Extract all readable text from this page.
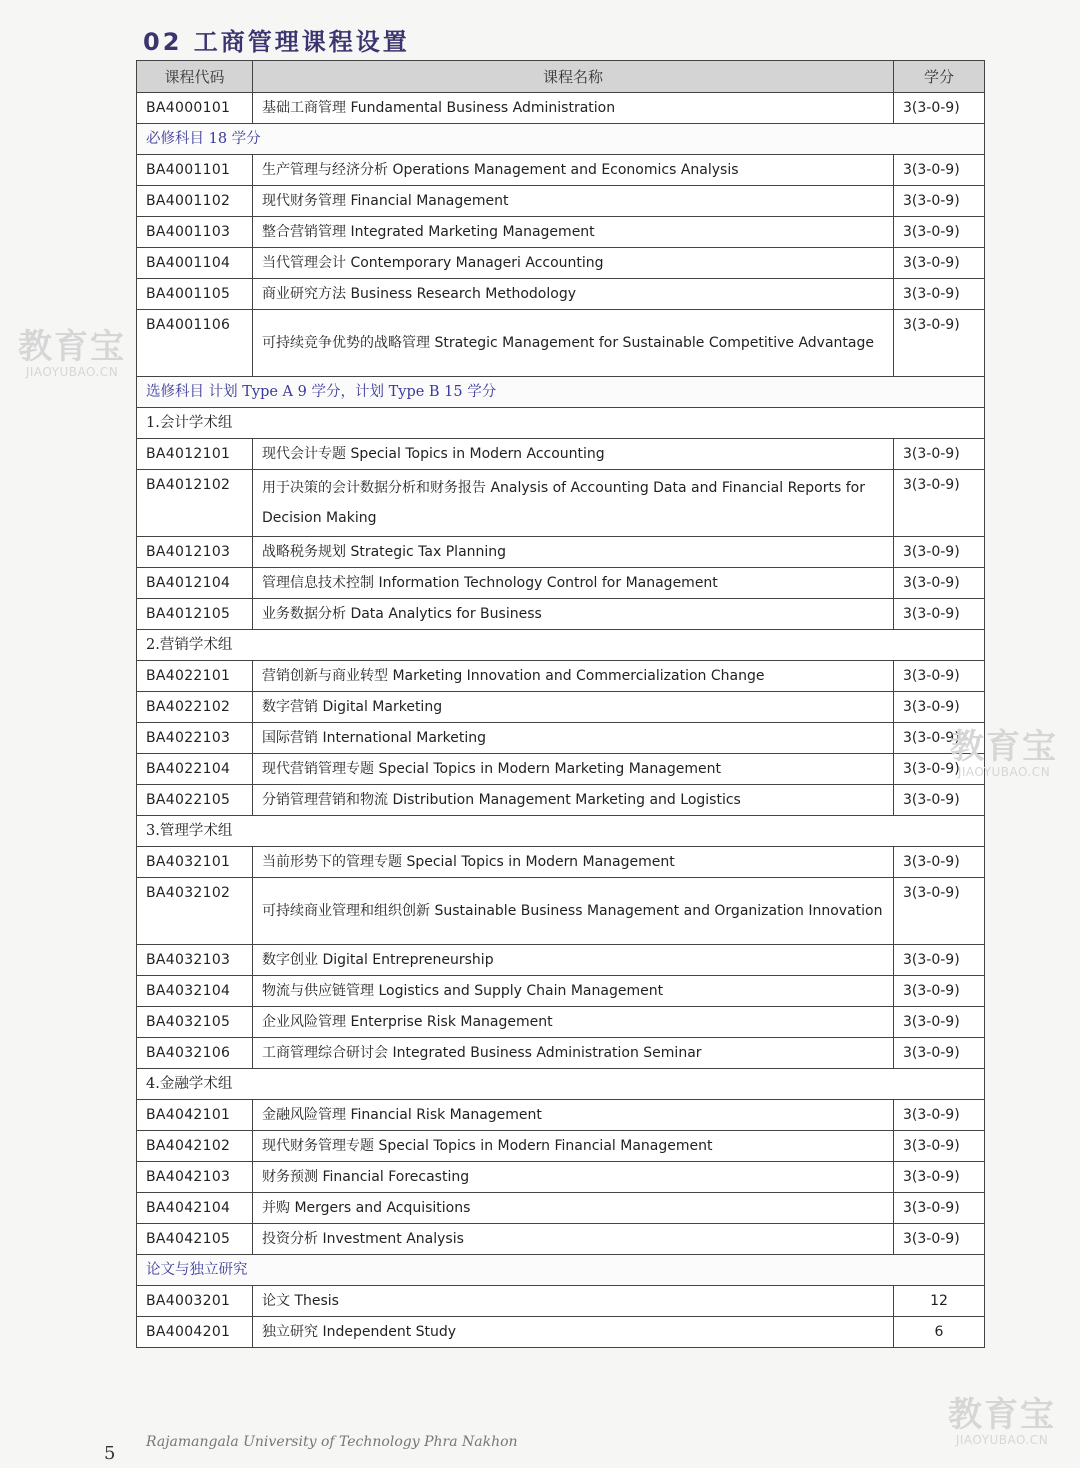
02 工商管理课程设置
课程代码	课程名称	学分
BA4000101	基础工商管理 Fundamental Business Administration	3(3-0-9)
必修科目 18 学分		
BA4001101	生产管理与经济分析 Operations Management and Economics Analysis	3(3-0-9)
BA4001102	现代财务管理 Financial Management	3(3-0-9)
BA4001103	整合营销管理 Integrated Marketing Management	3(3-0-9)
BA4001104	当代管理会计 Contemporary Manageri Accounting	3(3-0-9)
BA4001105	商业研究方法 Business Research Methodology	3(3-0-9)
BA4001106	可持续竞争优势的战略管理 Strategic Management for Sustainable Competitive Advantage	3(3-0-9)
选修科目 计划 Type A 9 学分，计划 Type B 15 学分		
1.会计学术组		
BA4012101	现代会计专题 Special Topics in Modern Accounting	3(3-0-9)
BA4012102	用于决策的会计数据分析和财务报告 Analysis of Accounting Data and Financial Reports for Decision Making	3(3-0-9)
BA4012103	战略税务规划 Strategic Tax Planning	3(3-0-9)
BA4012104	管理信息技术控制 Information Technology Control for Management	3(3-0-9)
BA4012105	业务数据分析 Data Analytics for Business	3(3-0-9)
2.营销学术组		
BA4022101	营销创新与商业转型 Marketing Innovation and Commercialization Change	3(3-0-9)
BA4022102	数字营销 Digital Marketing	3(3-0-9)
BA4022103	国际营销 International Marketing	3(3-0-9)
BA4022104	现代营销管理专题 Special Topics in Modern Marketing Management	3(3-0-9)
BA4022105	分销管理营销和物流 Distribution Management Marketing and Logistics	3(3-0-9)
3.管理学术组		
BA4032101	当前形势下的管理专题 Special Topics in Modern Management	3(3-0-9)
BA4032102	可持续商业管理和组织创新 Sustainable Business Management and Organization Innovation	3(3-0-9)
BA4032103	数字创业 Digital Entrepreneurship	3(3-0-9)
BA4032104	物流与供应链管理 Logistics and Supply Chain Management	3(3-0-9)
BA4032105	企业风险管理 Enterprise Risk Management	3(3-0-9)
BA4032106	工商管理综合研讨会 Integrated Business Administration Seminar	3(3-0-9)
4.金融学术组		
BA4042101	金融风险管理 Financial Risk Management	3(3-0-9)
BA4042102	现代财务管理专题 Special Topics in Modern Financial Management	3(3-0-9)
BA4042103	财务预测 Financial Forecasting	3(3-0-9)
BA4042104	并购 Mergers and Acquisitions	3(3-0-9)
BA4042105	投资分析 Investment Analysis	3(3-0-9)
论文与独立研究		
BA4003201	论文 Thesis	12
BA4004201	独立研究 Independent Study	6
教育宝
JIAOYUBAO.CN
教育宝
JIAOYUBAO.CN
教育宝
JIAOYUBAO.CN
5
Rajamangala University of Technology Phra Nakhon
